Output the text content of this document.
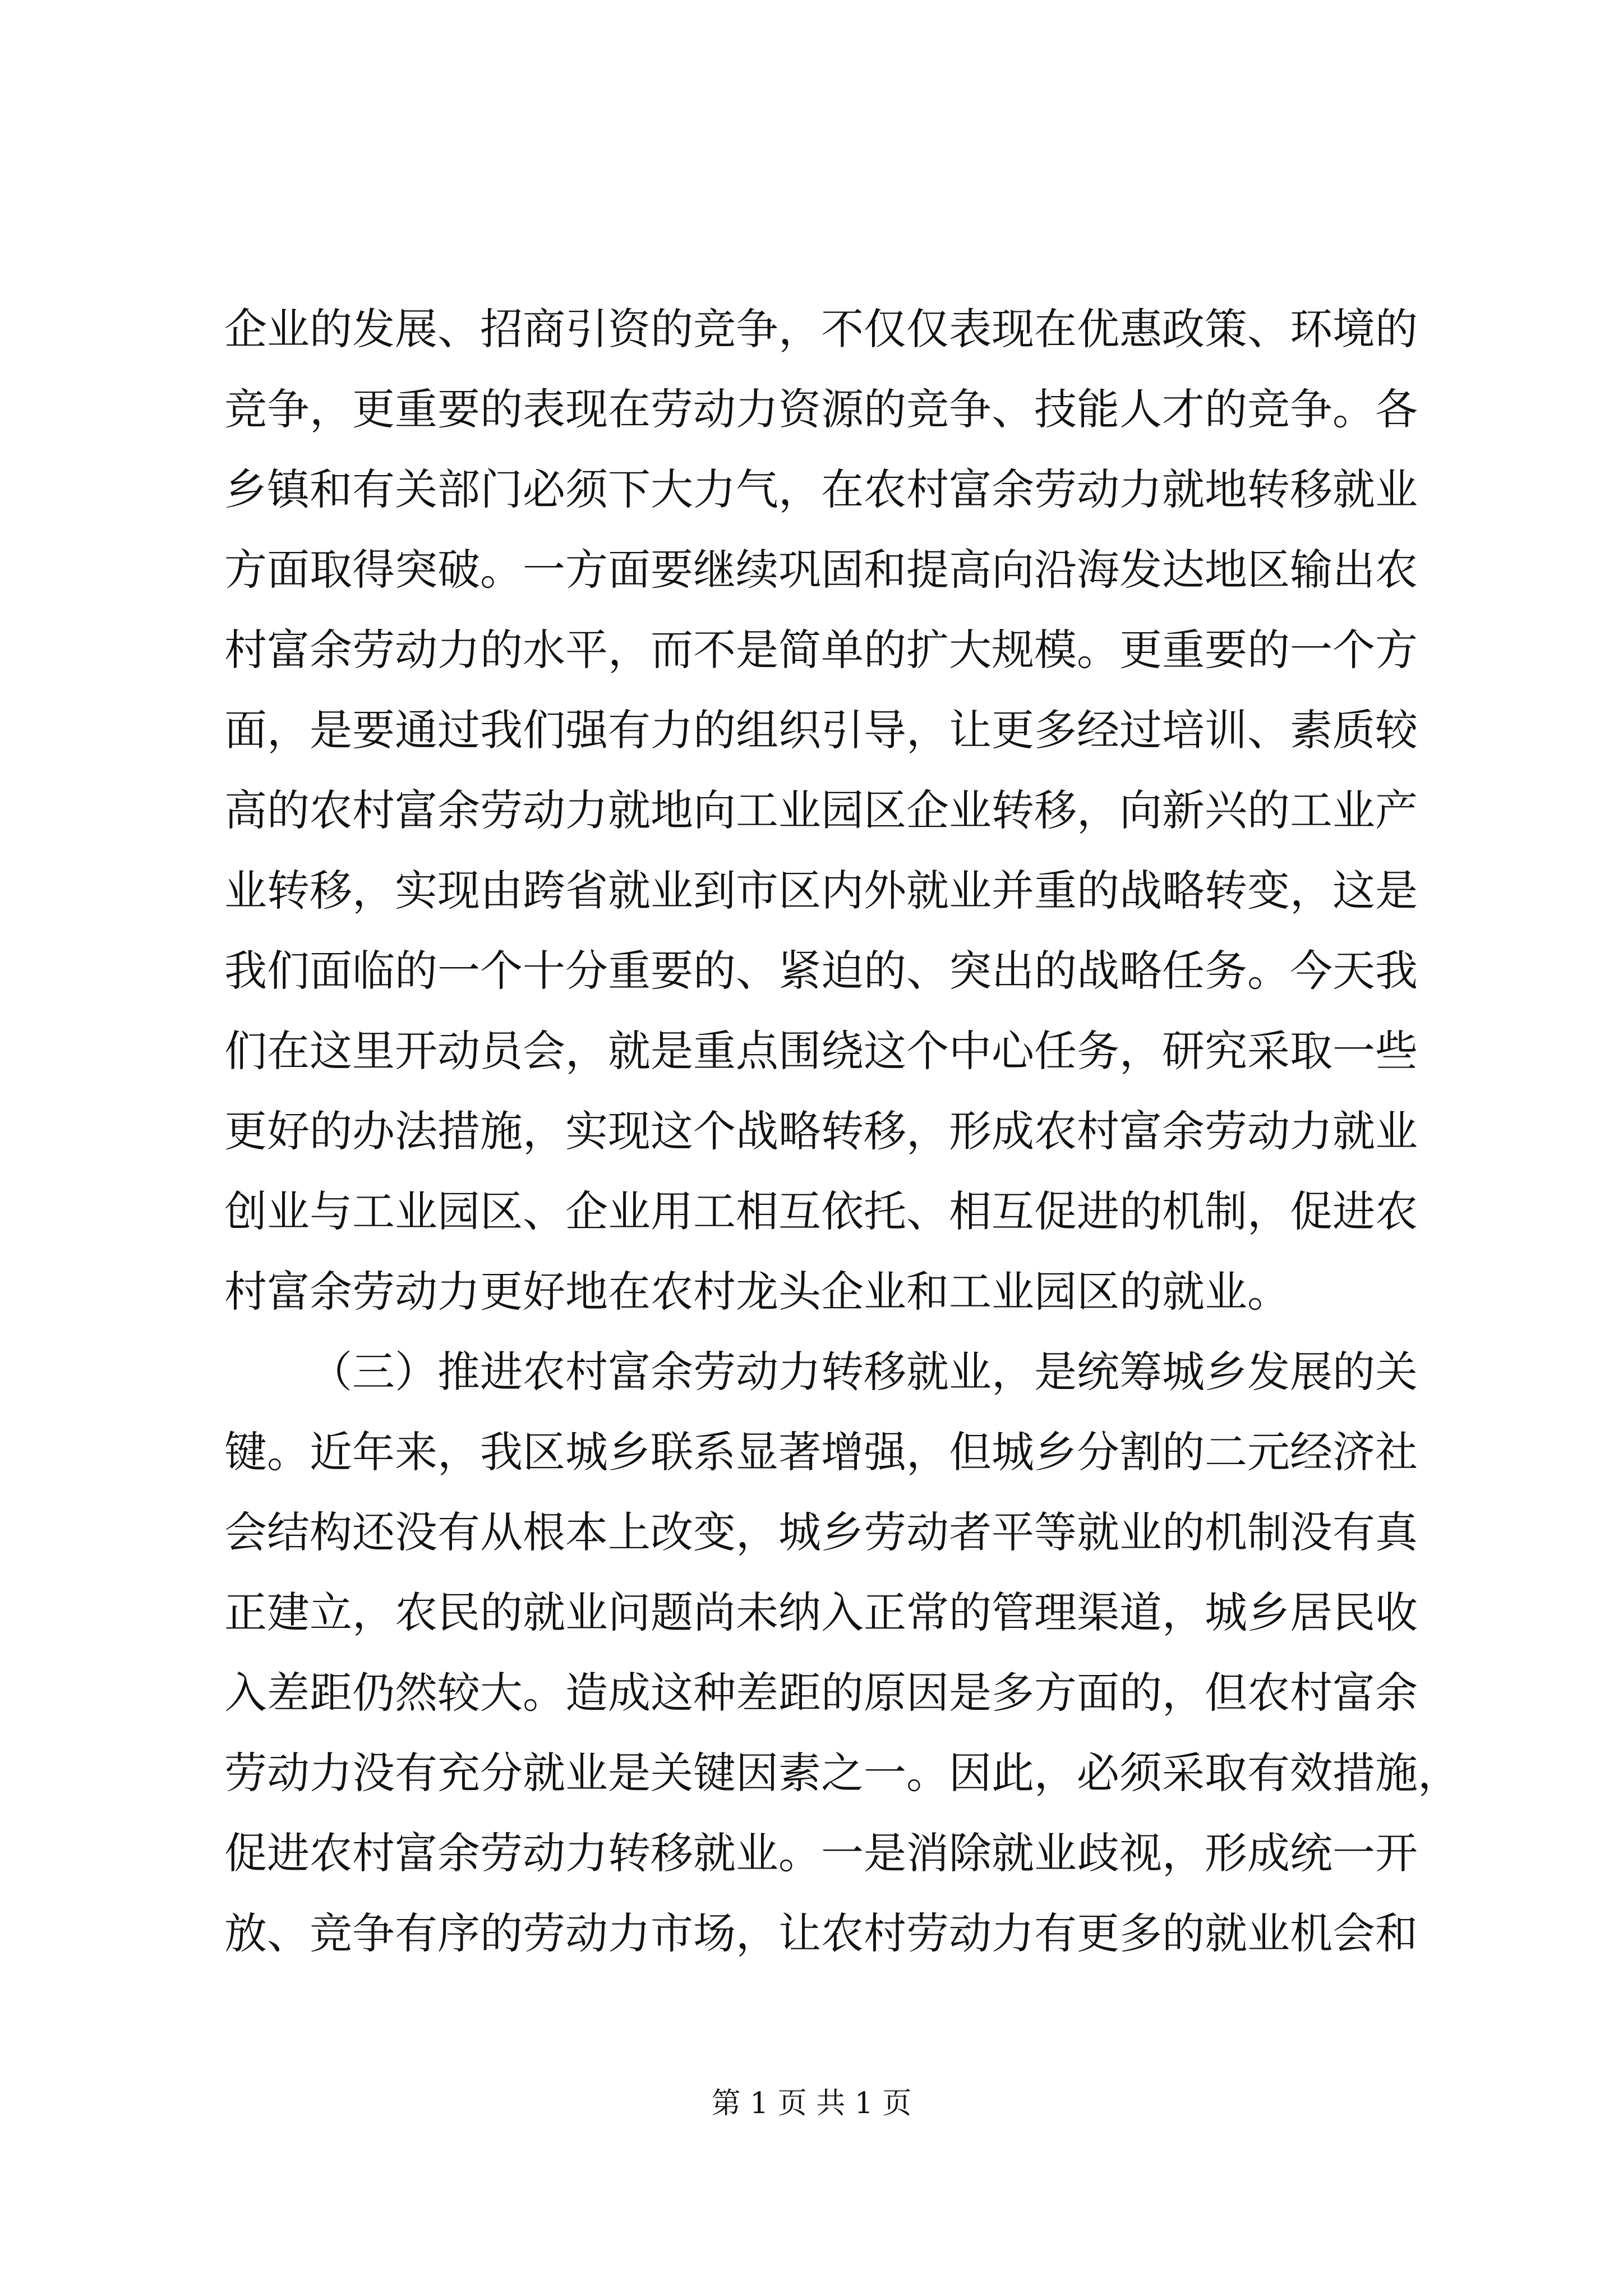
企业的发展、招商引资的竞争，不仅仅表现在优惠政策、环境的
竞争，更重要的表现在劳动力资源的竞争、技能人才的竞争。各
乡镇和有关部门必须下大力气，在农村富余劳动力就地转移就业
方面取得突破。一方面要继续巩固和提高向沿海发达地区输出农
村富余劳动力的水平，而不是简单的扩大规模。更重要的一个方
面，是要通过我们强有力的组织引导，让更多经过培训、素质较
高的农村富余劳动力就地向工业园区企业转移，向新兴的工业产
业转移，实现由跨省就业到市区内外就业并重的战略转变，这是
我们面临的一个十分重要的、紧迫的、突出的战略任务。今天我
们在这里开动员会，就是重点围绕这个中心任务，研究采取一些
更好的办法措施，实现这个战略转移，形成农村富余劳动力就业
创业与工业园区、企业用工相互依托、相互促进的机制，促进农
村富余劳动力更好地在农村龙头企业和工业园区的就业。
（三）推进农村富余劳动力转移就业，是统筹城乡发展的关
键。近年来，我区城乡联系显著增强，但城乡分割的二元经济社
会结构还没有从根本上改变，城乡劳动者平等就业的机制没有真
正建立，农民的就业问题尚未纳入正常的管理渠道，城乡居民收
入差距仍然较大。造成这种差距的原因是多方面的，但农村富余
劳动力没有充分就业是关键因素之一。因此，必须采取有效措施，
促进农村富余劳动力转移就业。一是消除就业歧视，形成统一开
放、竞争有序的劳动力市场，让农村劳动力有更多的就业机会和
第 1 页 共 1 页
